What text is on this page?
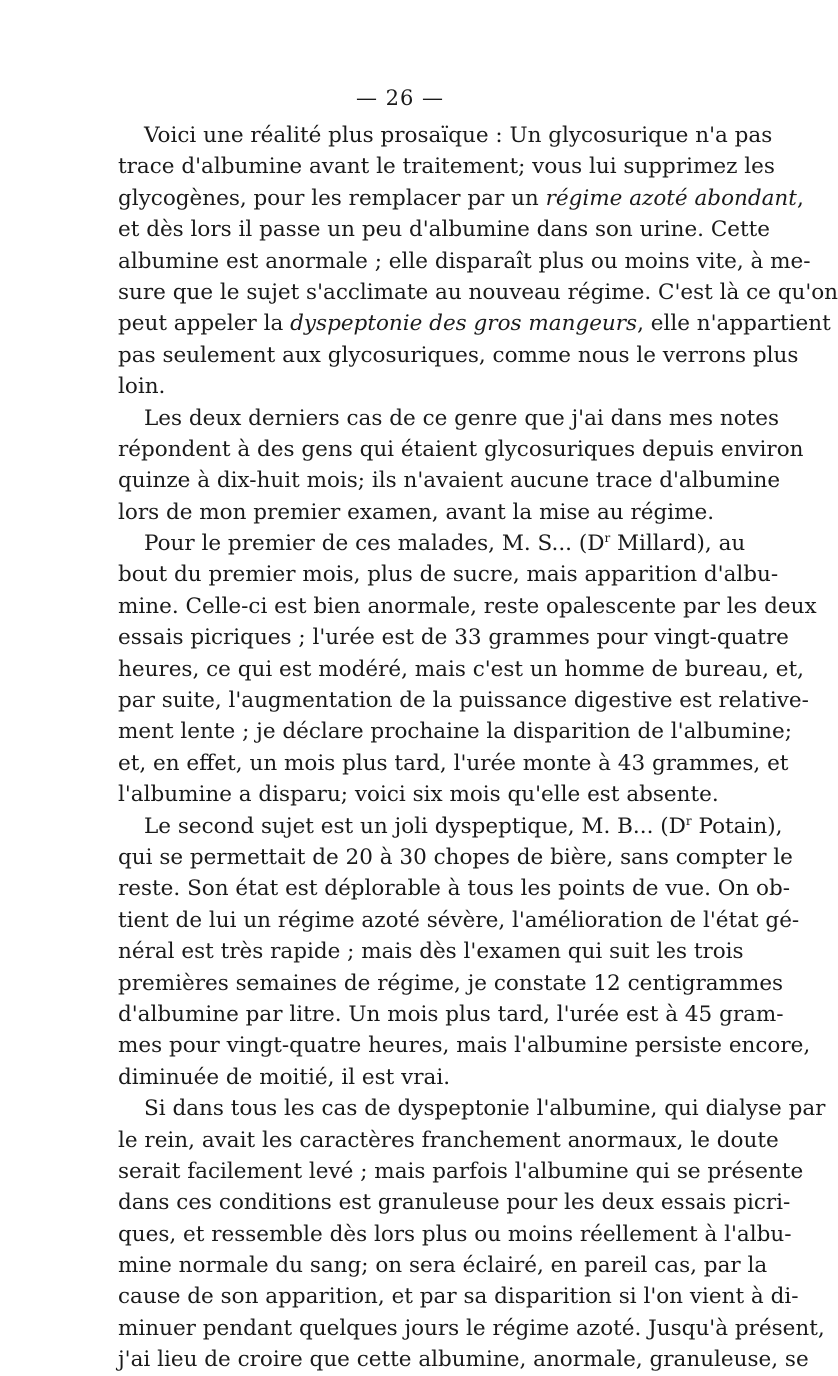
— 26 —
Voici une réalité plus prosaïque : Un glycosurique n'a pas
trace d'albumine avant le traitement; vous lui supprimez les
glycogènes, pour les remplacer par un régime azoté abondant,
et dès lors il passe un peu d'albumine dans son urine. Cette
albumine est anormale ; elle disparaît plus ou moins vite, à me-
sure que le sujet s'acclimate au nouveau régime. C'est là ce qu'on
peut appeler la dyspeptonie des gros mangeurs, elle n'appartient
pas seulement aux glycosuriques, comme nous le verrons plus
loin.
Les deux derniers cas de ce genre que j'ai dans mes notes
répondent à des gens qui étaient glycosuriques depuis environ
quinze à dix-huit mois; ils n'avaient aucune trace d'albumine
lors de mon premier examen, avant la mise au régime.
Pour le premier de ces malades, M. S... ($D^r$ Millard), au
bout du premier mois, plus de sucre, mais apparition d'albu-
mine. Celle-ci est bien anormale, reste opalescente par les deux
essais picriques ; l'urée est de 33 grammes pour vingt-quatre
heures, ce qui est modéré, mais c'est un homme de bureau, et,
par suite, l'augmentation de la puissance digestive est relative-
ment lente ; je déclare prochaine la disparition de l'albumine;
et, en effet, un mois plus tard, l'urée monte à 43 grammes, et
l'albumine a disparu; voici six mois qu'elle est absente.
Le second sujet est un joli dyspeptique, M. B... ($D^r$ Potain),
qui se permettait de 20 à 30 chopes de bière, sans compter le
reste. Son état est déplorable à tous les points de vue. On ob-
tient de lui un régime azoté sévère, l'amélioration de l'état gé-
néral est très rapide ; mais dès l'examen qui suit les trois
premières semaines de régime, je constate 12 centigrammes
d'albumine par litre. Un mois plus tard, l'urée est à 45 gram-
mes pour vingt-quatre heures, mais l'albumine persiste encore,
diminuée de moitié, il est vrai.
Si dans tous les cas de dyspeptonie l'albumine, qui dialyse par
le rein, avait les caractères franchement anormaux, le doute
serait facilement levé ; mais parfois l'albumine qui se présente
dans ces conditions est granuleuse pour les deux essais picri-
ques, et ressemble dès lors plus ou moins réellement à l'albu-
mine normale du sang; on sera éclairé, en pareil cas, par la
cause de son apparition, et par sa disparition si l'on vient à di-
minuer pendant quelques jours le régime azoté. Jusqu'à présent,
j'ai lieu de croire que cette albumine, anormale, granuleuse, se
